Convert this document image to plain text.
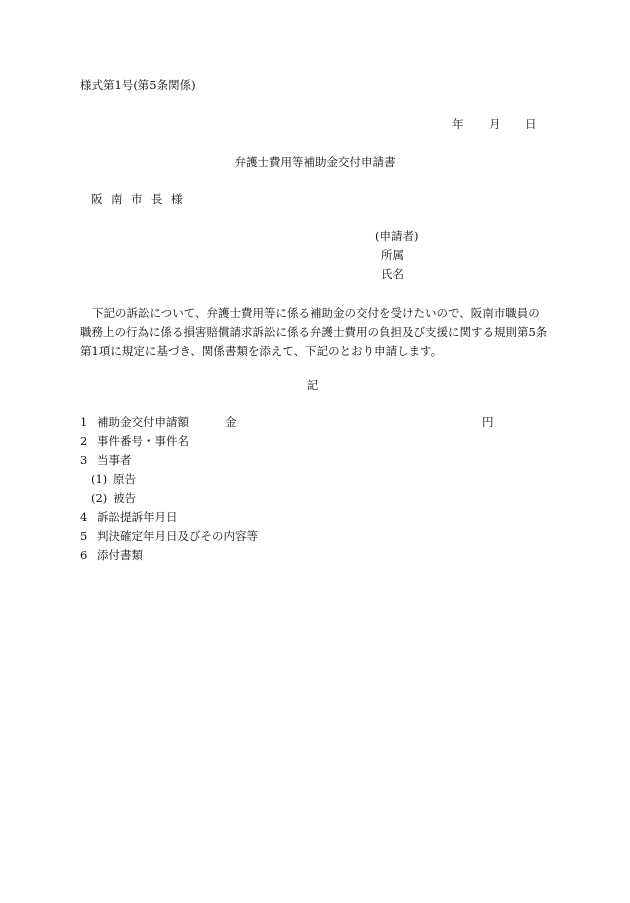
様式第1号(第5条関係)
年 月 日
弁護士費用等補助金交付申請書
阪南市長様
(申請者)
所属
氏名
下記の訴訟について、弁護士費用等に係る補助金の交付を受けたいので、阪南市職員の職務上の行為に係る損害賠償請求訴訟に係る弁護士費用の負担及び支援に関する規則第5条第1項に規定に基づき、関係書類を添えて、下記のとおり申請します。
記
1 補助金交付申請額	金	円
2 事件番号・事件名
3 当事者
(1) 原告
(2) 被告
4 訴訟提訴年月日
5 判決確定年月日及びその内容等
6 添付書類
